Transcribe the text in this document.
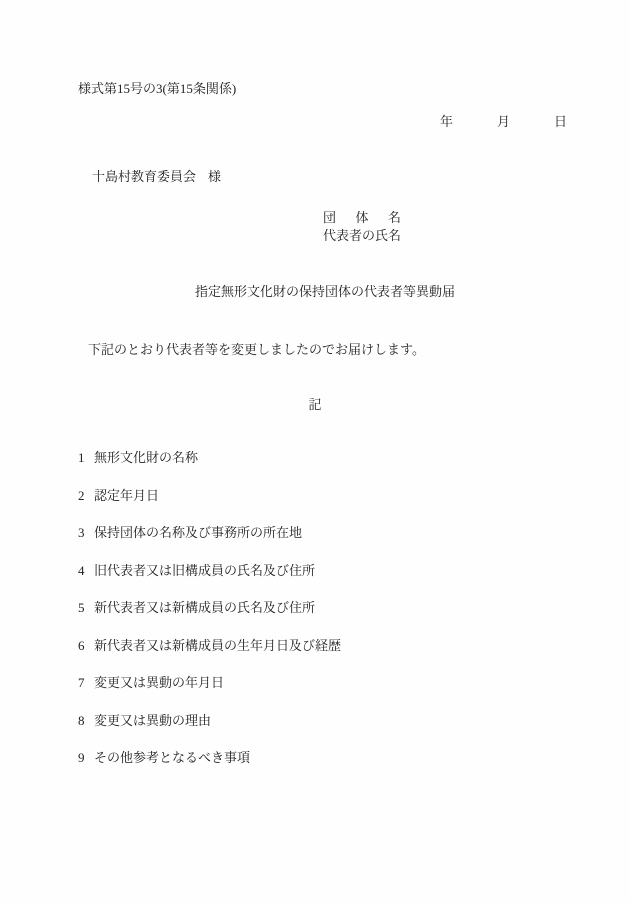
様式第15号の3(第15条関係)
年	月	日
十島村教育委員会 様
団体名
代表者の氏名
指定無形文化財の保持団体の代表者等異動届
下記のとおり代表者等を変更しましたのでお届けします。
記
1 無形文化財の名称
2 認定年月日
3 保持団体の名称及び事務所の所在地
4 旧代表者又は旧構成員の氏名及び住所
5 新代表者又は新構成員の氏名及び住所
6 新代表者又は新構成員の生年月日及び経歴
7 変更又は異動の年月日
8 変更又は異動の理由
9 その他参考となるべき事項
